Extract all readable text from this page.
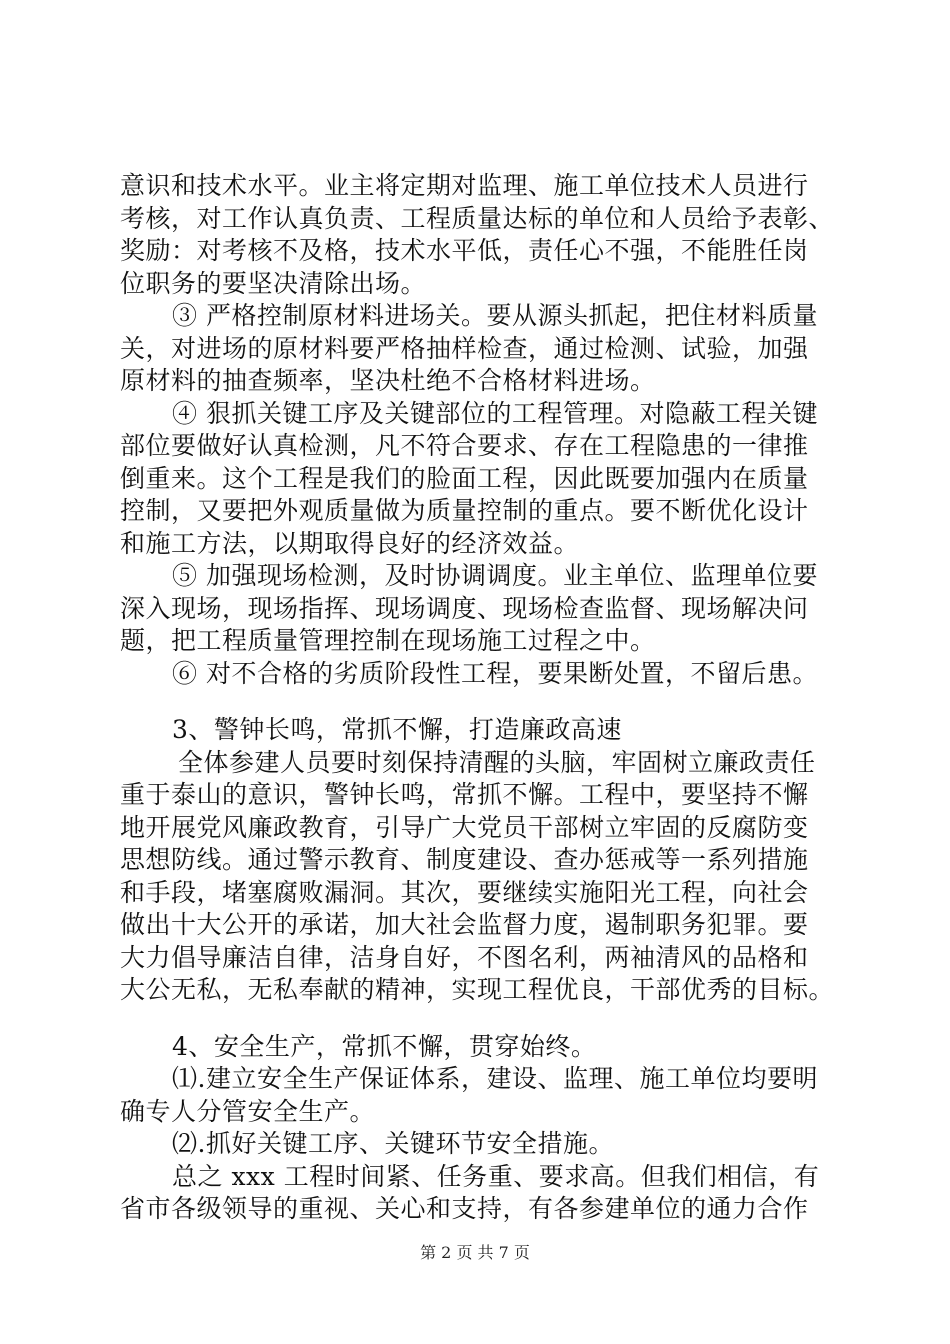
意识和技术水平。业主将定期对监理、施工单位技术人员进行
考核，对工作认真负责、工程质量达标的单位和人员给予表彰、
奖励：对考核不及格，技术水平低，责任心不强，不能胜任岗
位职务的要坚决清除出场。
③ 严格控制原材料进场关。要从源头抓起，把住材料质量
关，对进场的原材料要严格抽样检查，通过检测、试验，加强
原材料的抽查频率，坚决杜绝不合格材料进场。
④ 狠抓关键工序及关键部位的工程管理。对隐蔽工程关键
部位要做好认真检测，凡不符合要求、存在工程隐患的一律推
倒重来。这个工程是我们的脸面工程，因此既要加强内在质量
控制，又要把外观质量做为质量控制的重点。要不断优化设计
和施工方法，以期取得良好的经济效益。
⑤ 加强现场检测，及时协调调度。业主单位、监理单位要
深入现场，现场指挥、现场调度、现场检查监督、现场解决问
题，把工程质量管理控制在现场施工过程之中。
⑥ 对不合格的劣质阶段性工程，要果断处置，不留后患。
3、警钟长鸣，常抓不懈，打造廉政高速
全体参建人员要时刻保持清醒的头脑，牢固树立廉政责任
重于泰山的意识，警钟长鸣，常抓不懈。工程中，要坚持不懈
地开展党风廉政教育，引导广大党员干部树立牢固的反腐防变
思想防线。通过警示教育、制度建设、查办惩戒等一系列措施
和手段，堵塞腐败漏洞。其次，要继续实施阳光工程，向社会
做出十大公开的承诺，加大社会监督力度，遏制职务犯罪。要
大力倡导廉洁自律，洁身自好，不图名利，两袖清风的品格和
大公无私，无私奉献的精神，实现工程优良，干部优秀的目标。
4、安全生产，常抓不懈，贯穿始终。
⑴.建立安全生产保证体系，建设、监理、施工单位均要明
确专人分管安全生产。
⑵.抓好关键工序、关键环节安全措施。
总之 xxx 工程时间紧、任务重、要求高。但我们相信，有
省市各级领导的重视、关心和支持，有各参建单位的通力合作
第 2 页 共 7 页
